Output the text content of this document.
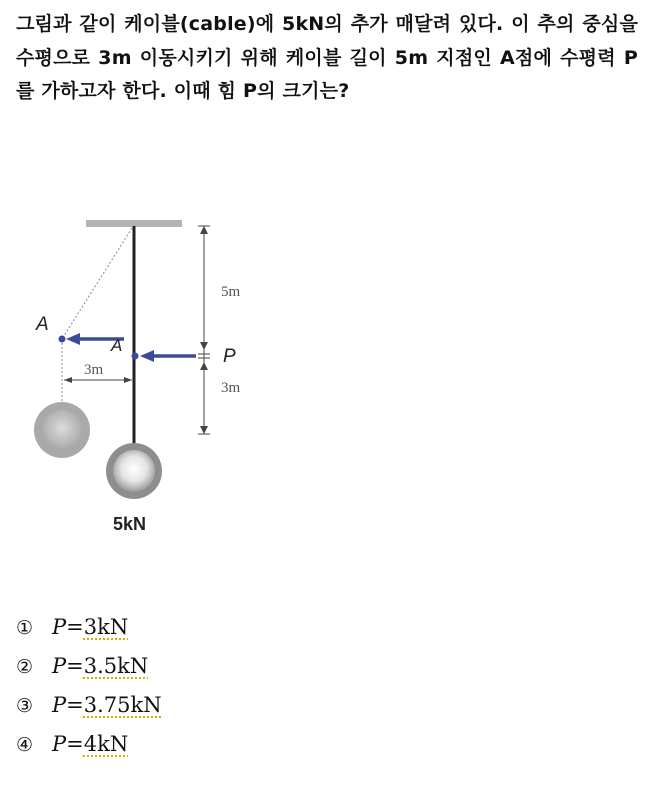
그림과 같이 케이블(cable)에 5kN의 추가 매달려 있다. 이 추의 중심을 수평으로 3m 이동시키기 위해 케이블 길이 5m 지점인 A점에 수평력 P를 가하고자 한다. 이때 힘 P의 크기는?
A
A
P
5m
3m
3m
5kN
① P=3kN
② P=3.5kN
③ P=3.75kN
④ P=4kN
